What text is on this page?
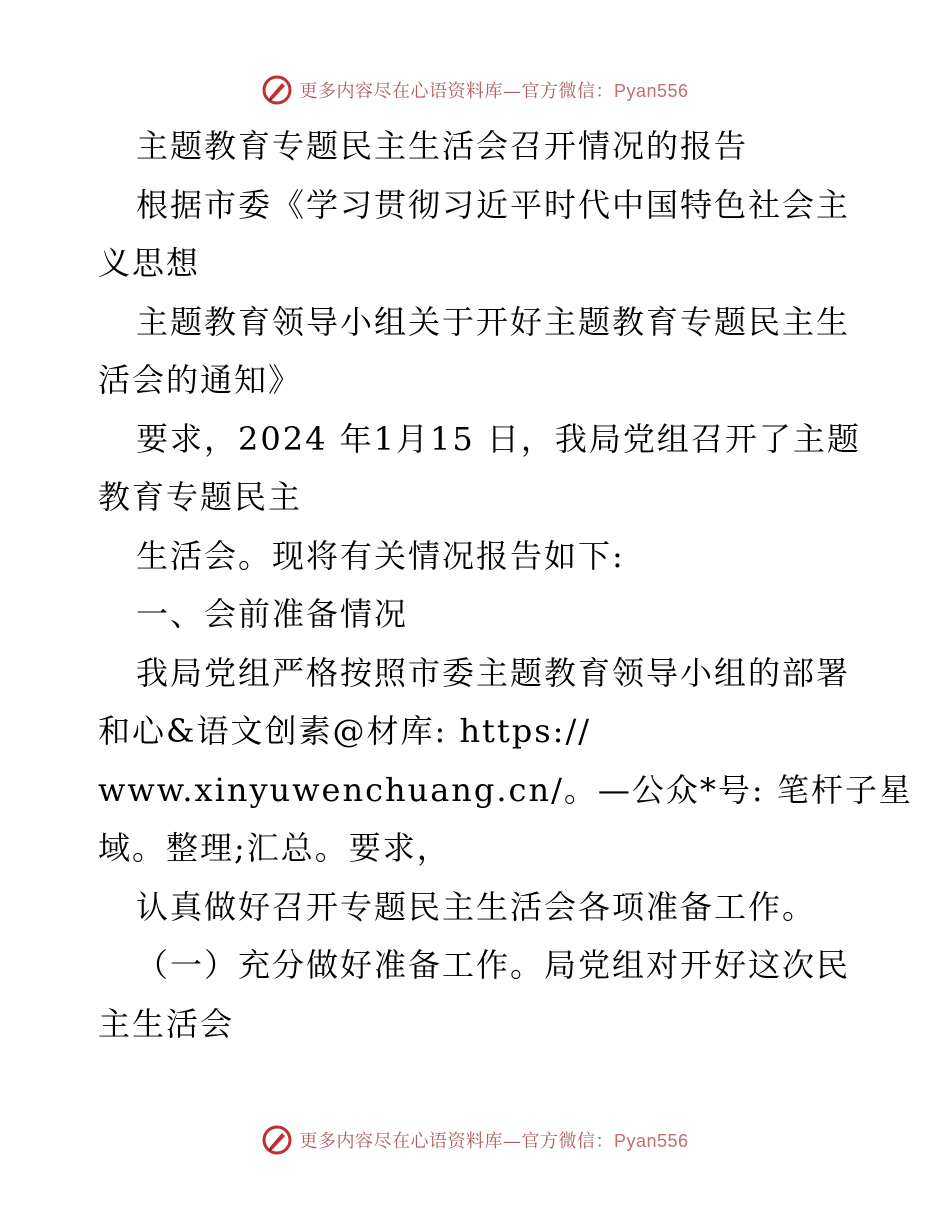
更多内容尽在心语资料库—官方微信：Pyan556
主题教育专题民主生活会召开情况的报告
根据市委《学习贯彻习近平时代中国特色社会主
义思想
主题教育领导小组关于开好主题教育专题民主生
活会的通知》
要求，2024 年1月15 日，我局党组召开了主题
教育专题民主
生活会。现将有关情况报告如下:
一、会前准备情况
我局党组严格按照市委主题教育领导小组的部署
和心&语文创素@材库: https://
www.xinyuwenchuang.cn/。—公众*号: 笔杆子星
域。整理;汇总。要求，
认真做好召开专题民主生活会各项准备工作。
（一）充分做好准备工作。局党组对开好这次民
主生活会
更多内容尽在心语资料库—官方微信：Pyan556
